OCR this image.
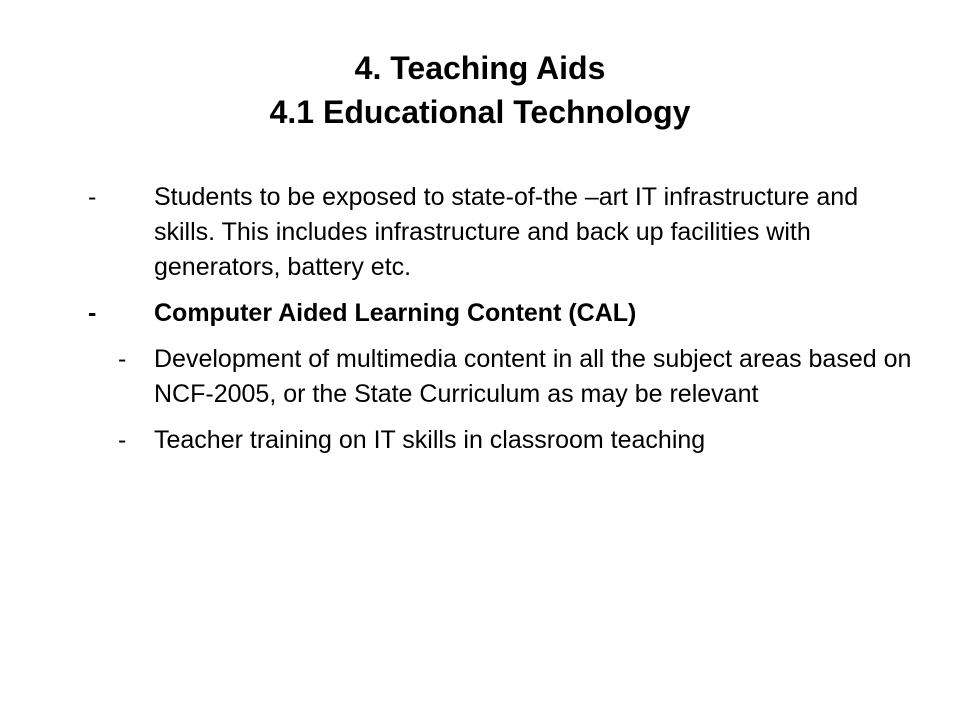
4. Teaching Aids
4.1 Educational Technology
-	Students to be exposed to state-of-the –art IT infrastructure and skills. This includes infrastructure and back up facilities with generators, battery etc.
-	Computer Aided Learning Content (CAL)
-	Development of multimedia content in all the subject areas based on NCF-2005, or the State Curriculum as may be relevant
-	Teacher training on IT skills in classroom teaching
